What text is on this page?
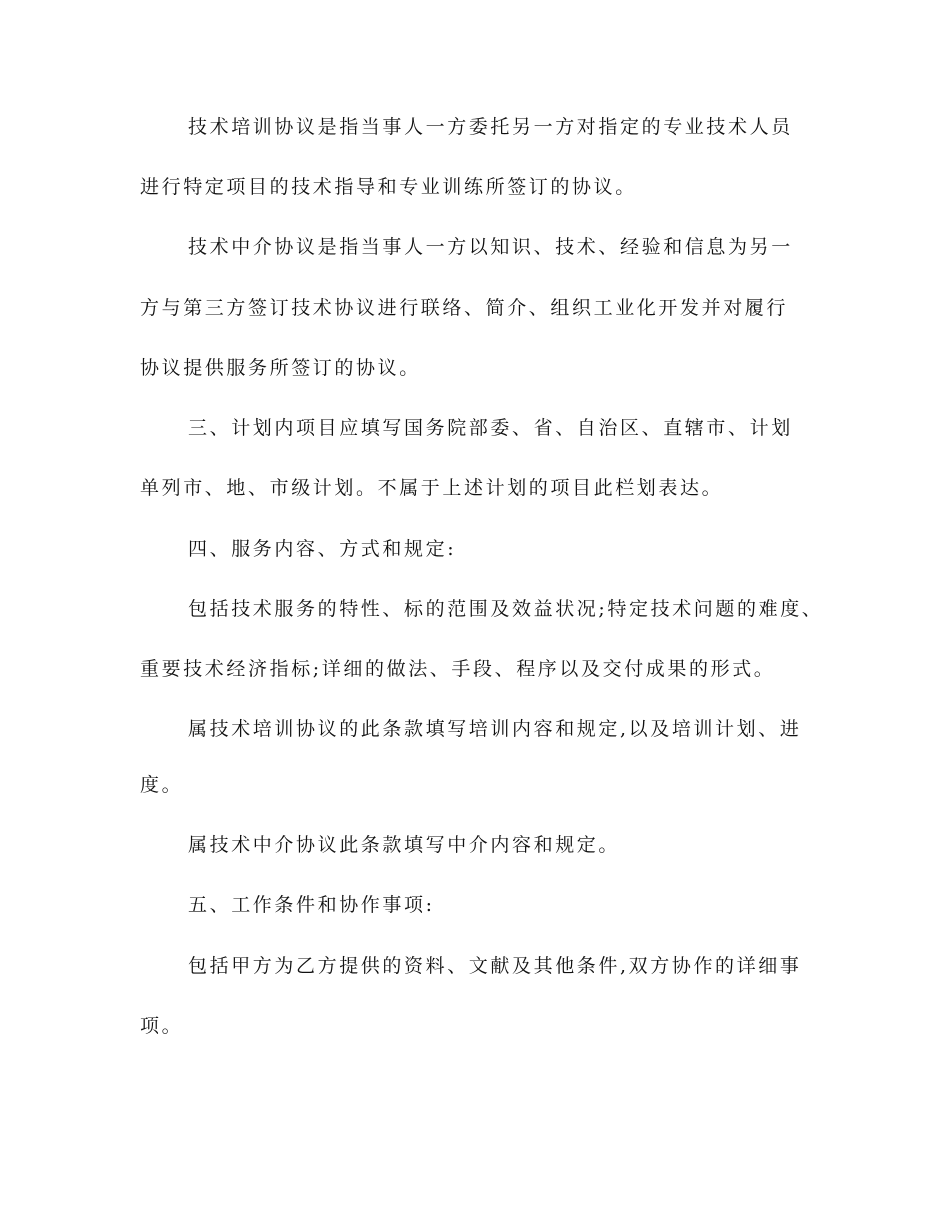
技术培训协议是指当事人一方委托另一方对指定的专业技术人员

进行特定项目的技术指导和专业训练所签订的协议。

技术中介协议是指当事人一方以知识、技术、经验和信息为另一

方与第三方签订技术协议进行联络、简介、组织工业化开发并对履行

协议提供服务所签订的协议。

三、计划内项目应填写国务院部委、省、自治区、直辖市、计划

单列市、地、市级计划。不属于上述计划的项目此栏划表达。

四、服务内容、方式和规定:

包括技术服务的特性、标的范围及效益状况;特定技术问题的难度、

重要技术经济指标;详细的做法、手段、程序以及交付成果的形式。

属技术培训协议的此条款填写培训内容和规定,以及培训计划、进

度。

属技术中介协议此条款填写中介内容和规定。

五、工作条件和协作事项:

包括甲方为乙方提供的资料、文献及其他条件,双方协作的详细事

项。
